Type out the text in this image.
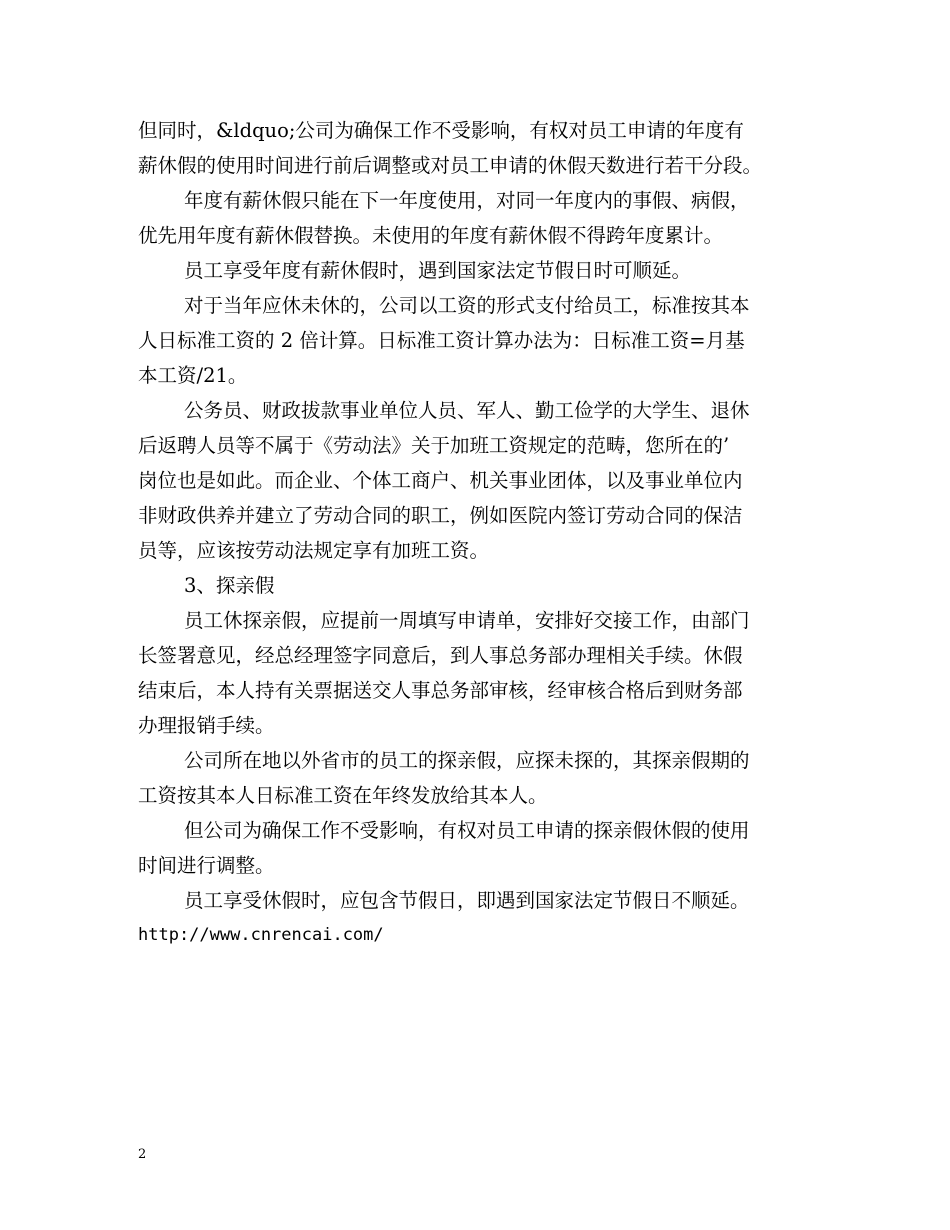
但同时，&ldquo;公司为确保工作不受影响，有权对员工申请的年度有
薪休假的使用时间进行前后调整或对员工申请的休假天数进行若干分段。
年度有薪休假只能在下一年度使用，对同一年度内的事假、病假，
优先用年度有薪休假替换。未使用的年度有薪休假不得跨年度累计。
员工享受年度有薪休假时，遇到国家法定节假日时可顺延。
对于当年应休未休的，公司以工资的形式支付给员工，标准按其本
人日标准工资的 2 倍计算。日标准工资计算办法为：日标准工资=月基
本工资/21。
公务员、财政拔款事业单位人员、军人、勤工俭学的大学生、退休
后返聘人员等不属于《劳动法》关于加班工资规定的范畴，您所在的’
岗位也是如此。而企业、个体工商户、机关事业团体，以及事业单位内
非财政供养并建立了劳动合同的职工，例如医院内签订劳动合同的保洁
员等，应该按劳动法规定享有加班工资。
3、探亲假
员工休探亲假，应提前一周填写申请单，安排好交接工作，由部门
长签署意见，经总经理签字同意后，到人事总务部办理相关手续。休假
结束后，本人持有关票据送交人事总务部审核，经审核合格后到财务部
办理报销手续。
公司所在地以外省市的员工的探亲假，应探未探的，其探亲假期的
工资按其本人日标准工资在年终发放给其本人。
但公司为确保工作不受影响，有权对员工申请的探亲假休假的使用
时间进行调整。
员工享受休假时，应包含节假日，即遇到国家法定节假日不顺延。
http://www.cnrencai.com/
2
